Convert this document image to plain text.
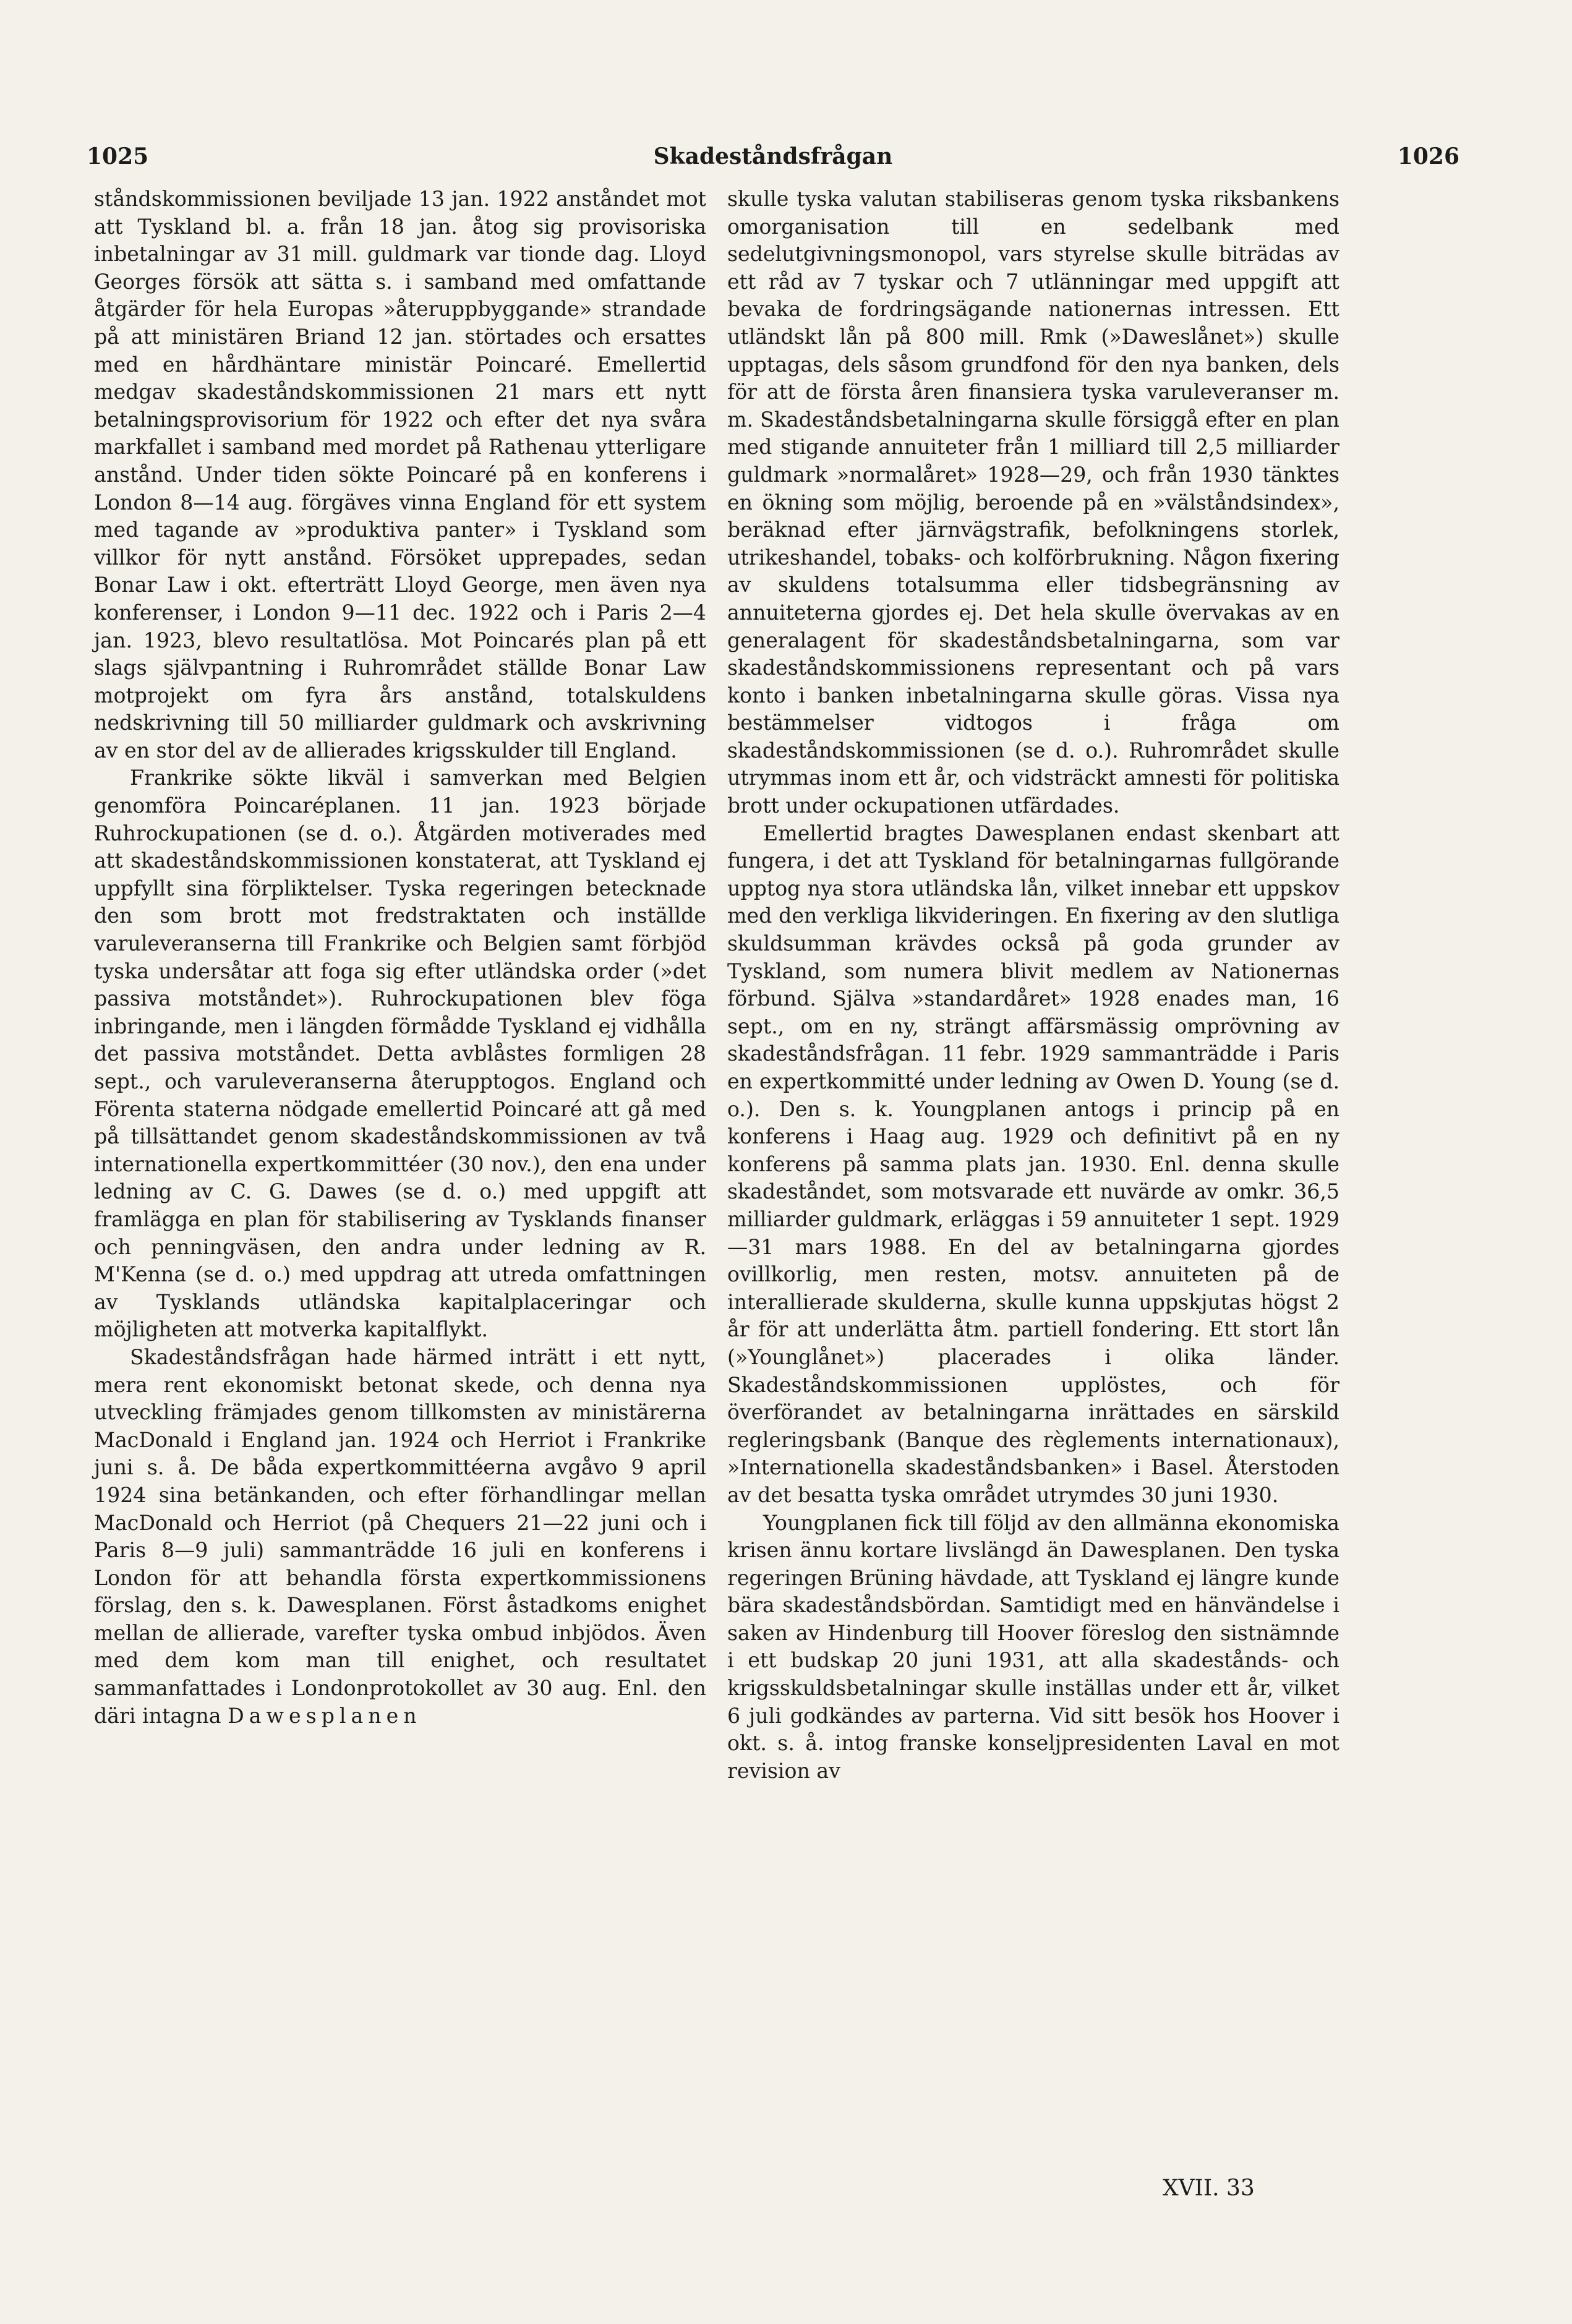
1025	Skadeståndsfrågan	1026

ståndskommissionen beviljade 13 jan. 1922 anståndet mot att Tyskland bl. a. från 18 jan. åtog sig provisoriska inbetalningar av 31 mill. guldmark var tionde dag. Lloyd Georges försök att sätta s. i samband med omfattande åtgärder för hela Europas »återuppbyggande» strandade på att ministären Briand 12 jan. störtades och ersattes med en hårdhäntare ministär Poincaré. Emellertid medgav skadeståndskommissionen 21 mars ett nytt betalningsprovisorium för 1922 och efter det nya svåra markfallet i samband med mordet på Rathenau ytterligare anstånd. Under tiden sökte Poincaré på en konferens i London 8—14 aug. förgäves vinna England för ett system med tagande av »produktiva panter» i Tyskland som villkor för nytt anstånd. Försöket upprepades, sedan Bonar Law i okt. efterträtt Lloyd George, men även nya konferenser, i London 9—11 dec. 1922 och i Paris 2—4 jan. 1923, blevo resultatlösa. Mot Poincarés plan på ett slags självpantning i Ruhrområdet ställde Bonar Law motprojekt om fyra års anstånd, totalskuldens nedskrivning till 50 milliarder guldmark och avskrivning av en stor del av de allierades krigsskulder till England.

Frankrike sökte likväl i samverkan med Belgien genomföra Poincaréplanen. 11 jan. 1923 började Ruhrockupationen (se d. o.). Åtgärden motiverades med att skadeståndskommissionen konstaterat, att Tyskland ej uppfyllt sina förpliktelser. Tyska regeringen betecknade den som brott mot fredstraktaten och inställde varuleveranserna till Frankrike och Belgien samt förbjöd tyska undersåtar att foga sig efter utländska order (»det passiva motståndet»). Ruhrockupationen blev föga inbringande, men i längden förmådde Tyskland ej vidhålla det passiva motståndet. Detta avblåstes formligen 28 sept., och varuleveranserna återupptogos. England och Förenta staterna nödgade emellertid Poincaré att gå med på tillsättandet genom skadeståndskommissionen av två internationella expertkommittéer (30 nov.), den ena under ledning av C. G. Dawes (se d. o.) med uppgift att framlägga en plan för stabilisering av Tysklands finanser och penningväsen, den andra under ledning av R. M'Kenna (se d. o.) med uppdrag att utreda omfattningen av Tysklands utländska kapitalplaceringar och möjligheten att motverka kapitalflykt.

Skadeståndsfrågan hade härmed inträtt i ett nytt, mera rent ekonomiskt betonat skede, och denna nya utveckling främjades genom tillkomsten av ministärerna MacDonald i England jan. 1924 och Herriot i Frankrike juni s. å. De båda expertkommittéerna avgåvo 9 april 1924 sina betänkanden, och efter förhandlingar mellan MacDonald och Herriot (på Chequers 21—22 juni och i Paris 8—9 juli) sammanträdde 16 juli en konferens i London för att behandla första expertkommissionens förslag, den s. k. Dawesplanen. Först åstadkoms enighet mellan de allierade, varefter tyska ombud inbjödos. Även med dem kom man till enighet, och resultatet sammanfattades i Londonprotokollet av 30 aug. Enl. den däri intagna Dawesplanen

skulle tyska valutan stabiliseras genom tyska riksbankens omorganisation till en sedelbank med sedelutgivningsmonopol, vars styrelse skulle biträdas av ett råd av 7 tyskar och 7 utlänningar med uppgift att bevaka de fordringsägande nationernas intressen. Ett utländskt lån på 800 mill. Rmk (»Daweslånet») skulle upptagas, dels såsom grundfond för den nya banken, dels för att de första åren finansiera tyska varuleveranser m. m. Skadeståndsbetalningarna skulle försiggå efter en plan med stigande annuiteter från 1 milliard till 2,5 milliarder guldmark »normalåret» 1928—29, och från 1930 tänktes en ökning som möjlig, beroende på en »välståndsindex», beräknad efter järnvägstrafik, befolkningens storlek, utrikeshandel, tobaks- och kolförbrukning. Någon fixering av skuldens totalsumma eller tidsbegränsning av annuiteterna gjordes ej. Det hela skulle övervakas av en generalagent för skadeståndsbetalningarna, som var skadeståndskommissionens representant och på vars konto i banken inbetalningarna skulle göras. Vissa nya bestämmelser vidtogos i fråga om skadeståndskommissionen (se d. o.). Ruhrområdet skulle utrymmas inom ett år, och vidsträckt amnesti för politiska brott under ockupationen utfärdades.

Emellertid bragtes Dawesplanen endast skenbart att fungera, i det att Tyskland för betalningarnas fullgörande upptog nya stora utländska lån, vilket innebar ett uppskov med den verkliga likvideringen. En fixering av den slutliga skuldsumman krävdes också på goda grunder av Tyskland, som numera blivit medlem av Nationernas förbund. Själva »standardåret» 1928 enades man, 16 sept., om en ny, strängt affärsmässig omprövning av skadeståndsfrågan. 11 febr. 1929 sammanträdde i Paris en expertkommitté under ledning av Owen D. Young (se d. o.). Den s. k. Youngplanen antogs i princip på en konferens i Haag aug. 1929 och definitivt på en ny konferens på samma plats jan. 1930. Enl. denna skulle skadeståndet, som motsvarade ett nuvärde av omkr. 36,5 milliarder guldmark, erläggas i 59 annuiteter 1 sept. 1929—31 mars 1988. En del av betalningarna gjordes ovillkorlig, men resten, motsv. annuiteten på de interallierade skulderna, skulle kunna uppskjutas högst 2 år för att underlätta åtm. partiell fondering. Ett stort lån (»Younglånet») placerades i olika länder. Skadeståndskommissionen upplöstes, och för överförandet av betalningarna inrättades en särskild regleringsbank (Banque des règlements internationaux), »Internationella skadeståndsbanken» i Basel. Återstoden av det besatta tyska området utrymdes 30 juni 1930.

Youngplanen fick till följd av den allmänna ekonomiska krisen ännu kortare livslängd än Dawesplanen. Den tyska regeringen Brüning hävdade, att Tyskland ej längre kunde bära skadeståndsbördan. Samtidigt med en hänvändelse i saken av Hindenburg till Hoover föreslog den sistnämnde i ett budskap 20 juni 1931, att alla skadestånds- och krigsskuldsbetalningar skulle inställas under ett år, vilket 6 juli godkändes av parterna. Vid sitt besök hos Hoover i okt. s. å. intog franske konseljpresidenten Laval en mot revision av

XVII. 33
